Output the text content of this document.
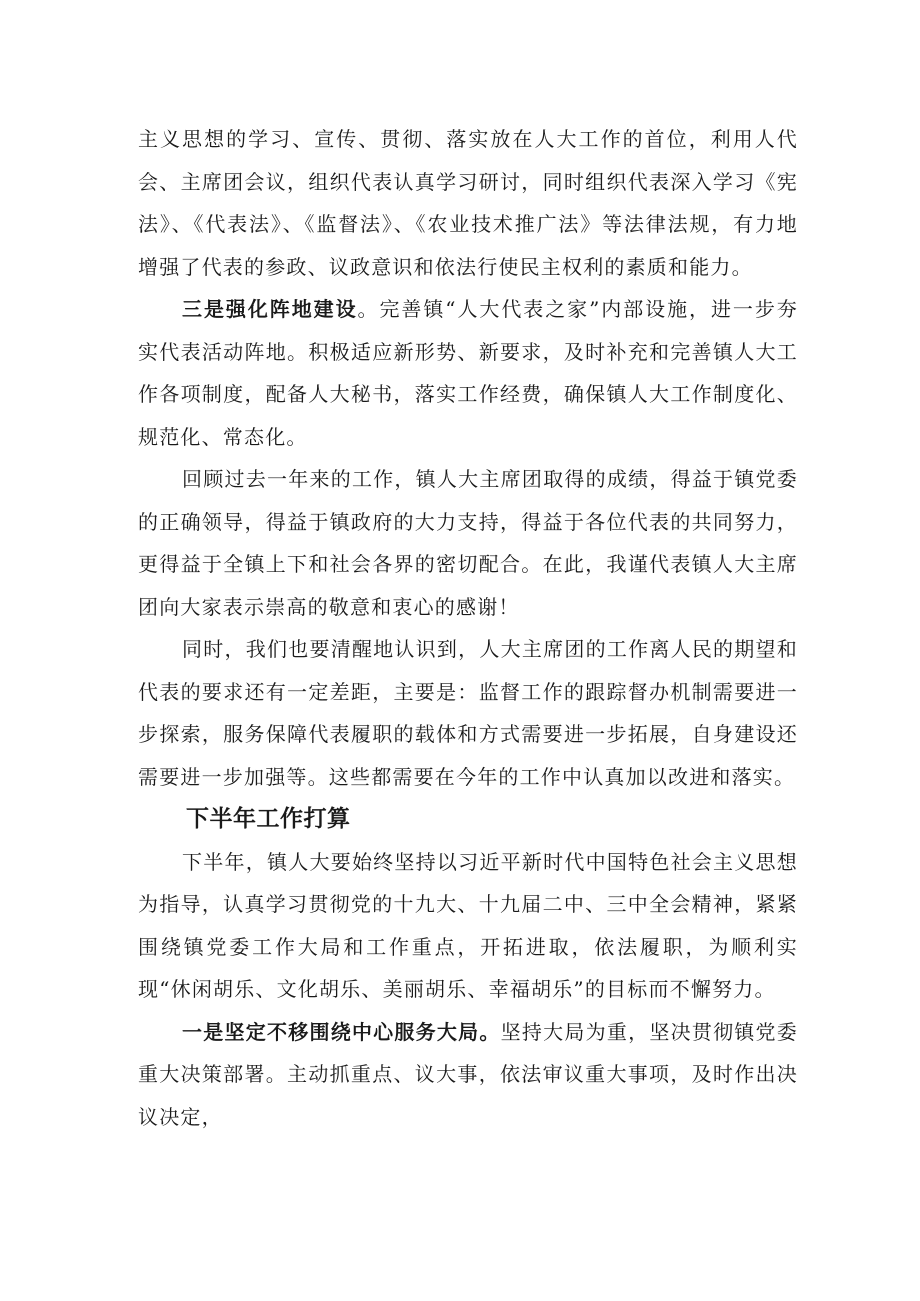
主义思想的学习、宣传、贯彻、落实放在人大工作的首位，利用人代会、主席团会议，组织代表认真学习研讨，同时组织代表深入学习《宪法》、《代表法》、《监督法》、《农业技术推广法》等法律法规，有力地增强了代表的参政、议政意识和依法行使民主权利的素质和能力。

三是强化阵地建设。完善镇“人大代表之家”内部设施，进一步夯实代表活动阵地。积极适应新形势、新要求，及时补充和完善镇人大工作各项制度，配备人大秘书，落实工作经费，确保镇人大工作制度化、规范化、常态化。

回顾过去一年来的工作，镇人大主席团取得的成绩，得益于镇党委的正确领导，得益于镇政府的大力支持，得益于各位代表的共同努力，更得益于全镇上下和社会各界的密切配合。在此，我谨代表镇人大主席团向大家表示崇高的敬意和衷心的感谢！

同时，我们也要清醒地认识到，人大主席团的工作离人民的期望和代表的要求还有一定差距，主要是：监督工作的跟踪督办机制需要进一步探索，服务保障代表履职的载体和方式需要进一步拓展，自身建设还需要进一步加强等。这些都需要在今年的工作中认真加以改进和落实。

下半年工作打算

下半年，镇人大要始终坚持以习近平新时代中国特色社会主义思想为指导，认真学习贯彻党的十九大、十九届二中、三中全会精神，紧紧围绕镇党委工作大局和工作重点，开拓进取，依法履职，为顺利实现“休闲胡乐、文化胡乐、美丽胡乐、幸福胡乐”的目标而不懈努力。

一是坚定不移围绕中心服务大局。坚持大局为重，坚决贯彻镇党委重大决策部署。主动抓重点、议大事，依法审议重大事项，及时作出决议决定，
